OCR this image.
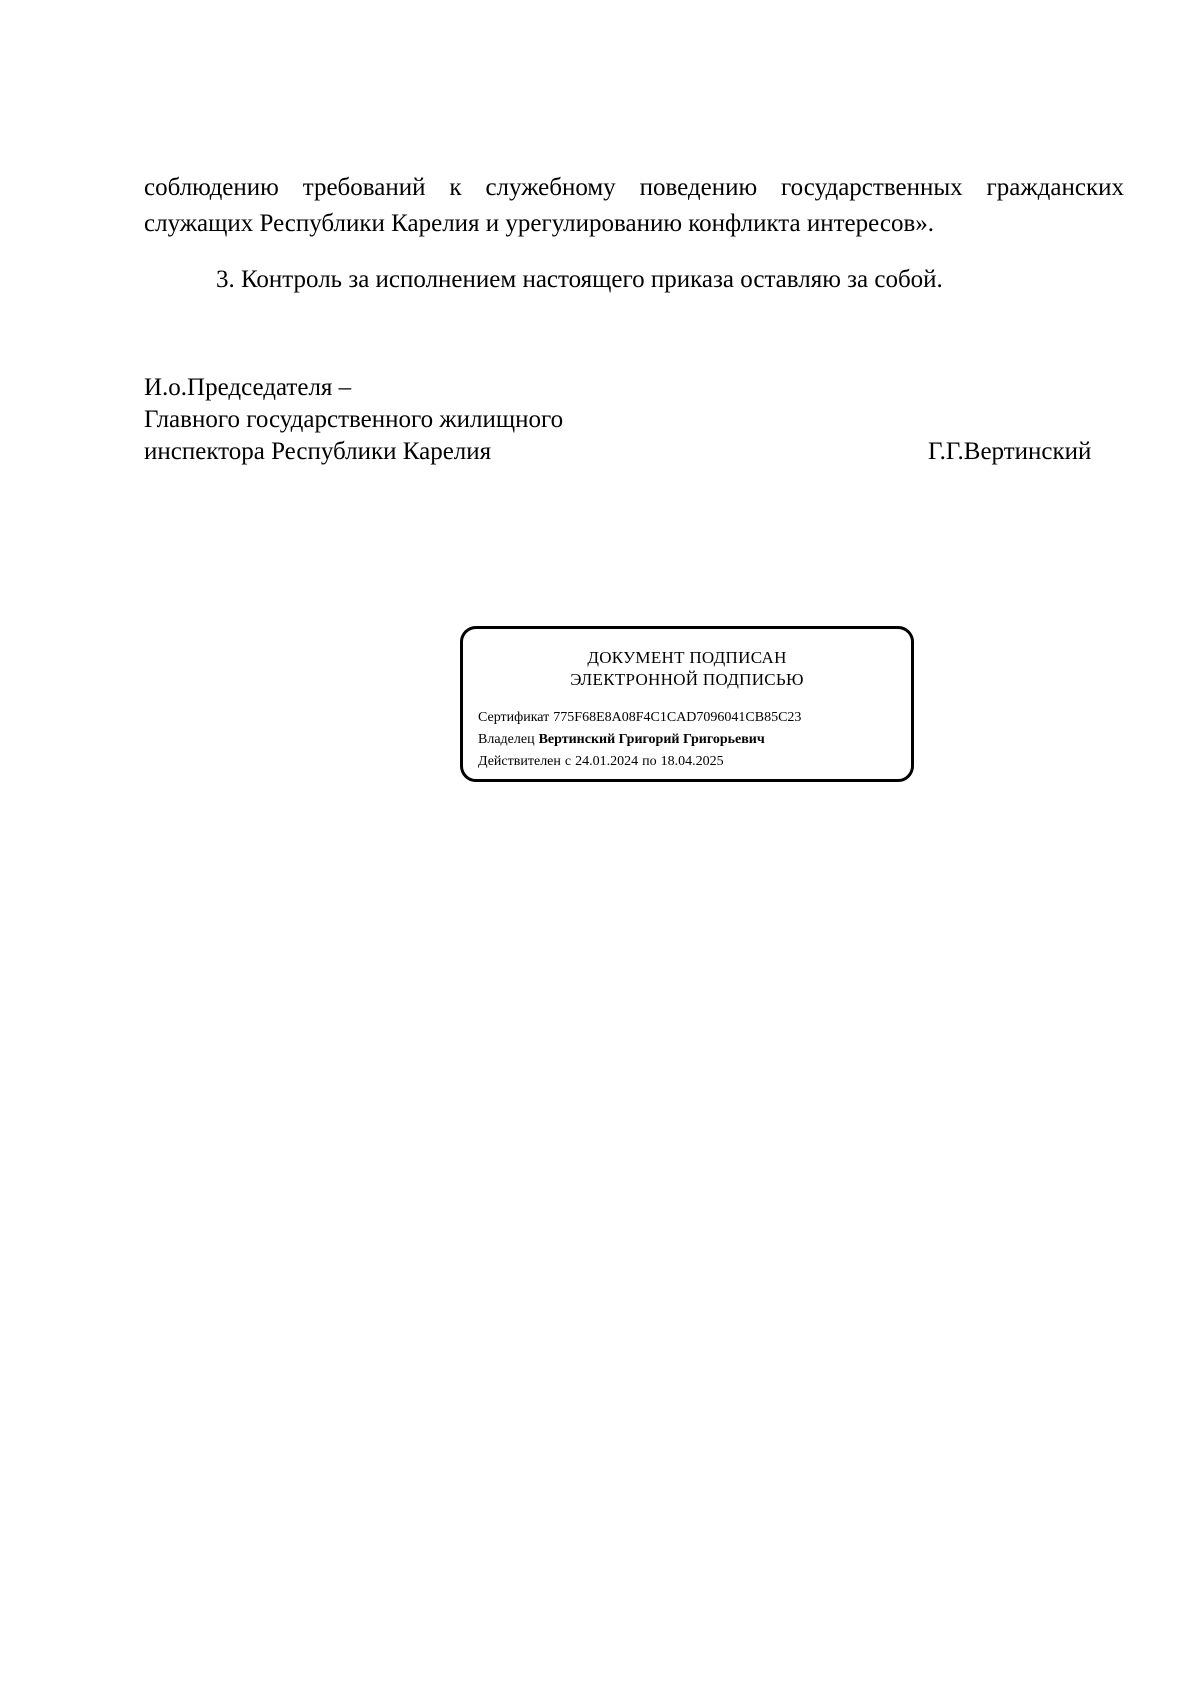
соблюдению требований к служебному поведению государственных гражданских
служащих Республики Карелия и урегулированию конфликта интересов».
3. Контроль за исполнением настоящего приказа оставляю за собой.
И.о.Председателя –
Главного государственного жилищного
инспектора Республики Карелия	Г.Г.Вертинский
ДОКУМЕНТ ПОДПИСАН
ЭЛЕКТРОННОЙ ПОДПИСЬЮ
Сертификат 775F68E8A08F4C1CAD7096041CB85C23
Владелец Вертинский Григорий Григорьевич
Действителен с 24.01.2024 по 18.04.2025
